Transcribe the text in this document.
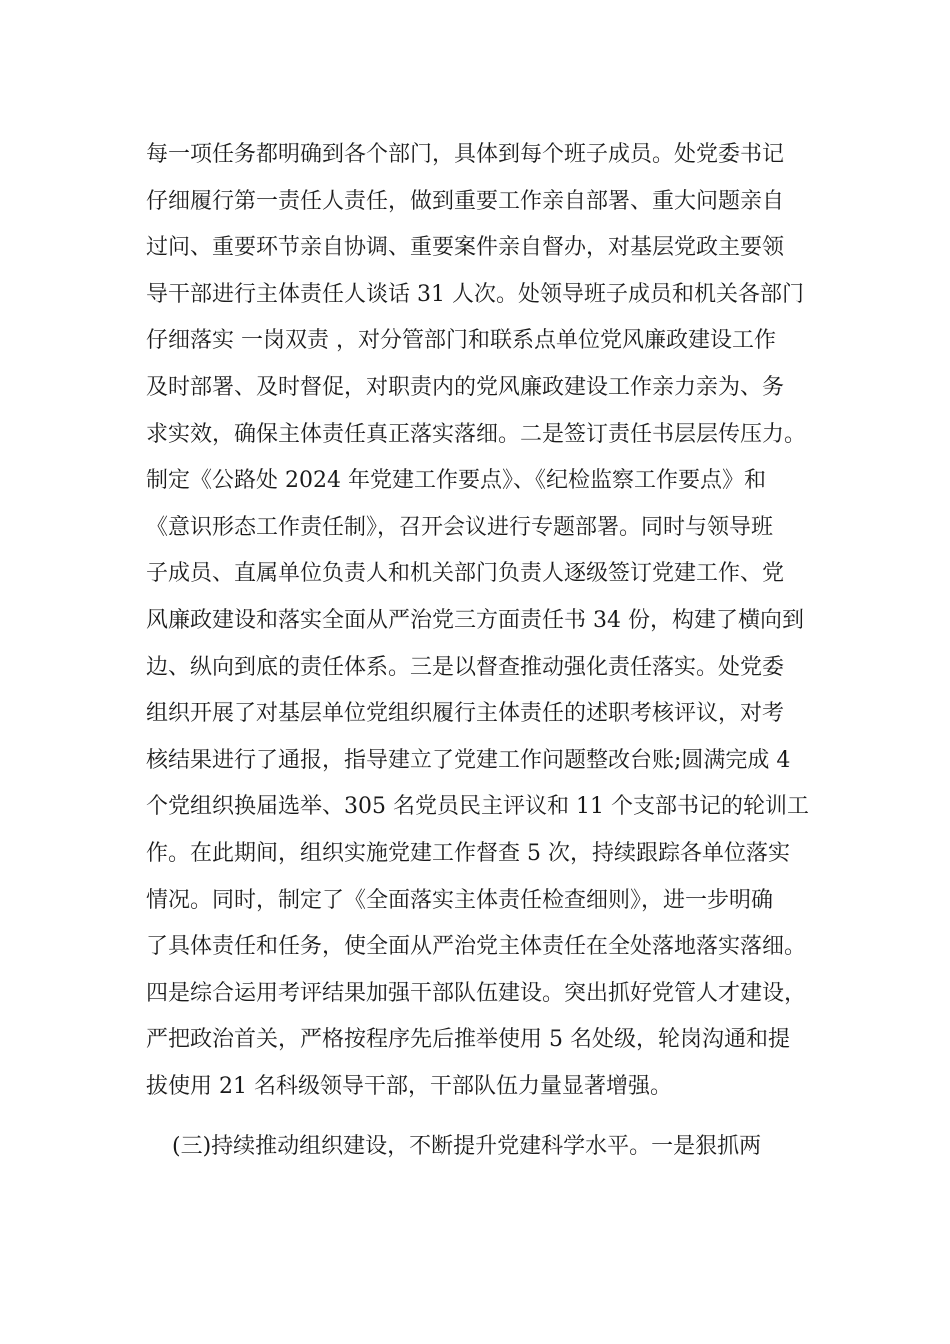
每一项任务都明确到各个部门，具体到每个班子成员。处党委书记
仔细履行第一责任人责任，做到重要工作亲自部署、重大问题亲自
过问、重要环节亲自协调、重要案件亲自督办，对基层党政主要领
导干部进行主体责任人谈话 31 人次。处领导班子成员和机关各部门
仔细落实 一岗双责 ，对分管部门和联系点单位党风廉政建设工作
及时部署、及时督促，对职责内的党风廉政建设工作亲力亲为、务
求实效，确保主体责任真正落实落细。二是签订责任书层层传压力。
制定《公路处 2024 年党建工作要点》、《纪检监察工作要点》和
《意识形态工作责任制》，召开会议进行专题部署。同时与领导班
子成员、直属单位负责人和机关部门负责人逐级签订党建工作、党
风廉政建设和落实全面从严治党三方面责任书 34 份，构建了横向到
边、纵向到底的责任体系。三是以督查推动强化责任落实。处党委
组织开展了对基层单位党组织履行主体责任的述职考核评议，对考
核结果进行了通报，指导建立了党建工作问题整改台账;圆满完成 4
个党组织换届选举、305 名党员民主评议和 11 个支部书记的轮训工
作。在此期间，组织实施党建工作督查 5 次，持续跟踪各单位落实
情况。同时，制定了《全面落实主体责任检查细则》，进一步明确
了具体责任和任务，使全面从严治党主体责任在全处落地落实落细。
四是综合运用考评结果加强干部队伍建设。突出抓好党管人才建设，
严把政治首关，严格按程序先后推举使用 5 名处级，轮岗沟通和提
拔使用 21 名科级领导干部，干部队伍力量显著增强。
(三)持续推动组织建设，不断提升党建科学水平。一是狠抓两
